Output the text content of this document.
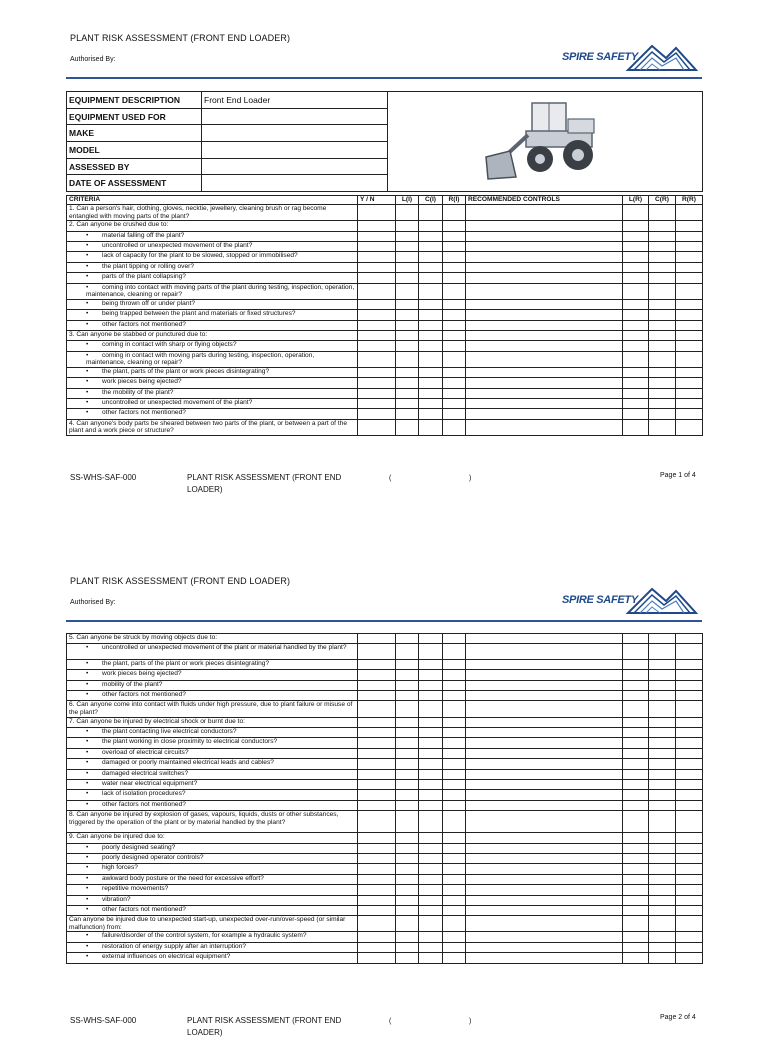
PLANT RISK ASSESSMENT (FRONT END LOADER)
Authorised By:	SPIRE SAFETY
EQUIPMENT DESCRIPTION	Front End Loader	
EQUIPMENT USED FOR		
MAKE		
MODEL		
ASSESSED BY		
DATE OF ASSESSMENT		
CRITERIA	Y / N	L(I)	C(I)	R(I)	RECOMMENDED CONTROLS	L(R)	C(R)	R(R)
1. Can a person's hair, clothing, gloves, necktie, jewellery, cleaning brush or rag become entangled with moving parts of the plant?								
2. Can anyone be crushed due to:								
• material falling off the plant?								
• uncontrolled or unexpected movement of the plant?								
• lack of capacity for the plant to be slowed, stopped or immobilised?								
• the plant tipping or rolling over?								
• parts of the plant collapsing?								
• coming into contact with moving parts of the plant during testing, inspection, operation, maintenance, cleaning or repair?								
• being thrown off or under plant?								
• being trapped between the plant and materials or fixed structures?								
• other factors not mentioned?								
3. Can anyone be stabbed or punctured due to:								
• coming in contact with sharp or flying objects?								
• coming in contact with moving parts during testing, inspection, operation, maintenance, cleaning or repair?								
• the plant, parts of the plant or work pieces disintegrating?								
• work pieces being ejected?								
• the mobility of the plant?								
• uncontrolled or unexpected movement of the plant?								
• other factors not mentioned?								
4. Can anyone's body parts be sheared between two parts of the plant, or between a part of the plant and a work piece or structure?								
SS-WHS-SAF-000	PLANT RISK ASSESSMENT (FRONT END LOADER)
(	)	Page 1 of 4
PLANT RISK ASSESSMENT (FRONT END LOADER)
Authorised By:	SPIRE SAFETY
5. Can anyone be struck by moving objects due to:								
• uncontrolled or unexpected movement of the plant or material handled by the plant?								
• the plant, parts of the plant or work pieces disintegrating?								
• work pieces being ejected?								
• mobility of the plant?								
• other factors not mentioned?								
6. Can anyone come into contact with fluids under high pressure, due to plant failure or misuse of the plant?								
7. Can anyone be injured by electrical shock or burnt due to:								
• the plant contacting live electrical conductors?								
• the plant working in close proximity to electrical conductors?								
• overload of electrical circuits?								
• damaged or poorly maintained electrical leads and cables?								
• damaged electrical switches?								
• water near electrical equipment?								
• lack of isolation procedures?								
• other factors not mentioned?								
8. Can anyone be injured by explosion of gases, vapours, liquids, dusts or other substances, triggered by the operation of the plant or by material handled by the plant?								
9. Can anyone be injured due to:								
• poorly designed seating?								
• poorly designed operator controls?								
• high forces?								
• awkward body posture or the need for excessive effort?								
• repetitive movements?								
• vibration?								
• other factors not mentioned?								
Can anyone be injured due to unexpected start-up, unexpected over-run/over-speed (or similar malfunction) from:								
• failure/disorder of the control system, for example a hydraulic system?								
• restoration of energy supply after an interruption?								
• external influences on electrical equipment?								
SS-WHS-SAF-000	PLANT RISK ASSESSMENT (FRONT END LOADER)
(	)
Page 2 of 4
